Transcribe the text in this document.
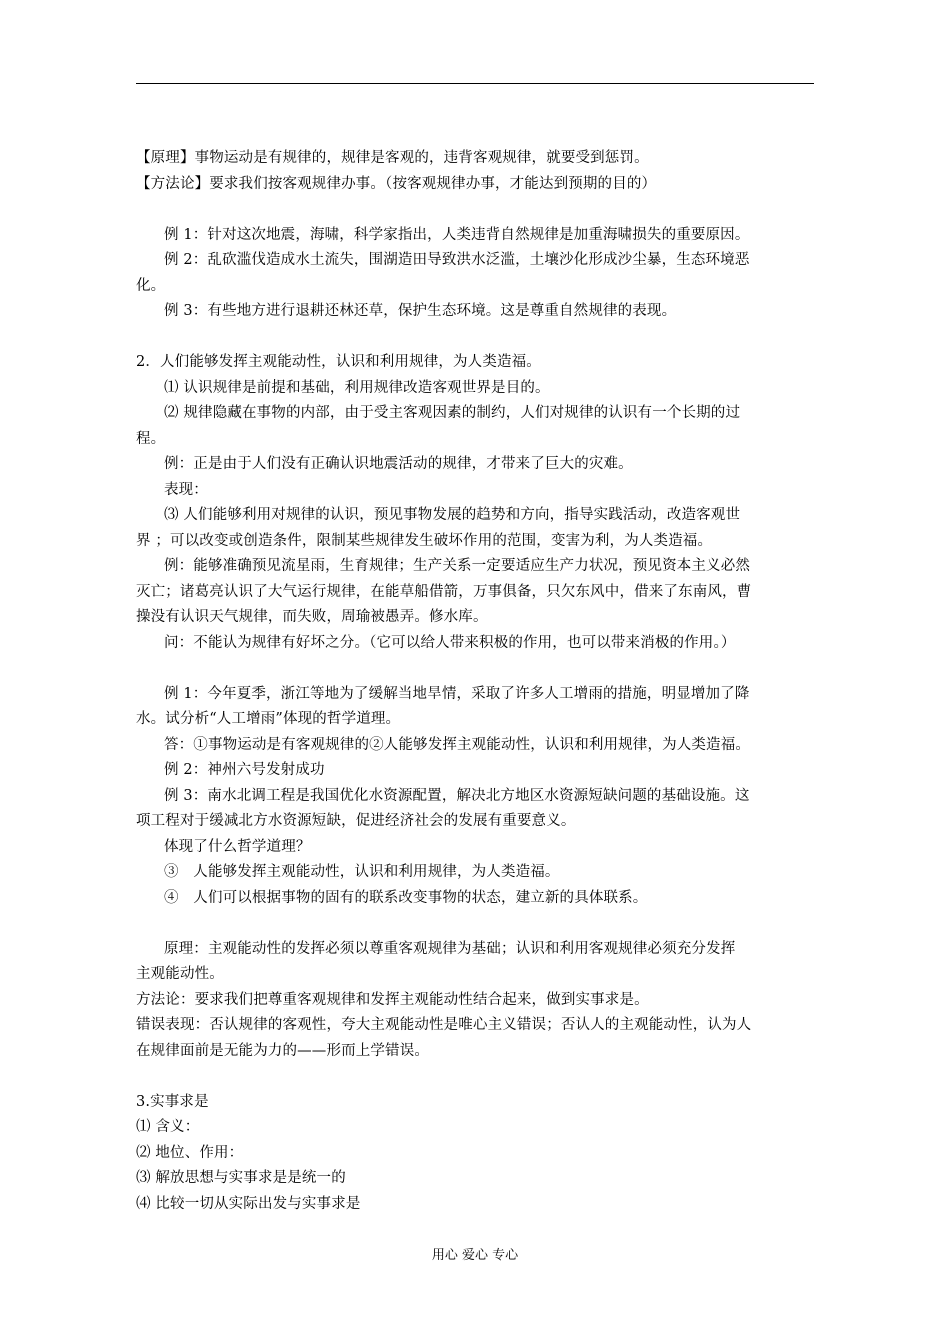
【原理】事物运动是有规律的，规律是客观的，违背客观规律，就要受到惩罚。
【方法论】要求我们按客观规律办事。（按客观规律办事，才能达到预期的目的）
例 1：针对这次地震，海啸，科学家指出，人类违背自然规律是加重海啸损失的重要原因。
例 2：乱砍滥伐造成水土流失，围湖造田导致洪水泛滥，土壤沙化形成沙尘暴，生态环境恶
化。
例 3：有些地方进行退耕还林还草，保护生态环境。这是尊重自然规律的表现。
2．人们能够发挥主观能动性，认识和利用规律，为人类造福。
⑴ 认识规律是前提和基础，利用规律改造客观世界是目的。
⑵ 规律隐藏在事物的内部，由于受主客观因素的制约，人们对规律的认识有一个长期的过
程。
例：正是由于人们没有正确认识地震活动的规律，才带来了巨大的灾难。
表现：
⑶ 人们能够利用对规律的认识，预见事物发展的趋势和方向，指导实践活动，改造客观世
界 ；可以改变或创造条件，限制某些规律发生破坏作用的范围，变害为利，为人类造福。
例：能够准确预见流星雨，生育规律；生产关系一定要适应生产力状况，预见资本主义必然
灭亡；诸葛亮认识了大气运行规律，在能草船借箭，万事俱备，只欠东风中，借来了东南风，曹
操没有认识天气规律，而失败，周瑜被愚弄。修水库。
问：不能认为规律有好坏之分。（它可以给人带来积极的作用，也可以带来消极的作用。）
例 1：今年夏季，浙江等地为了缓解当地旱情，采取了许多人工增雨的措施，明显增加了降
水。试分析“人工增雨”体现的哲学道理。
答：①事物运动是有客观规律的②人能够发挥主观能动性，认识和利用规律，为人类造福。
例 2：神州六号发射成功
例 3：南水北调工程是我国优化水资源配置，解决北方地区水资源短缺问题的基础设施。这
项工程对于缓减北方水资源短缺，促进经济社会的发展有重要意义。
体现了什么哲学道理？
③　人能够发挥主观能动性，认识和利用规律，为人类造福。
④　人们可以根据事物的固有的联系改变事物的状态，建立新的具体联系。
原理：主观能动性的发挥必须以尊重客观规律为基础；认识和利用客观规律必须充分发挥
主观能动性。
方法论：要求我们把尊重客观规律和发挥主观能动性结合起来，做到实事求是。
错误表现：否认规律的客观性，夸大主观能动性是唯心主义错误；否认人的主观能动性，认为人
在规律面前是无能为力的——形而上学错误。
3.实事求是
⑴ 含义：
⑵ 地位、作用：
⑶ 解放思想与实事求是是统一的
⑷ 比较一切从实际出发与实事求是
用心 爱心 专心
